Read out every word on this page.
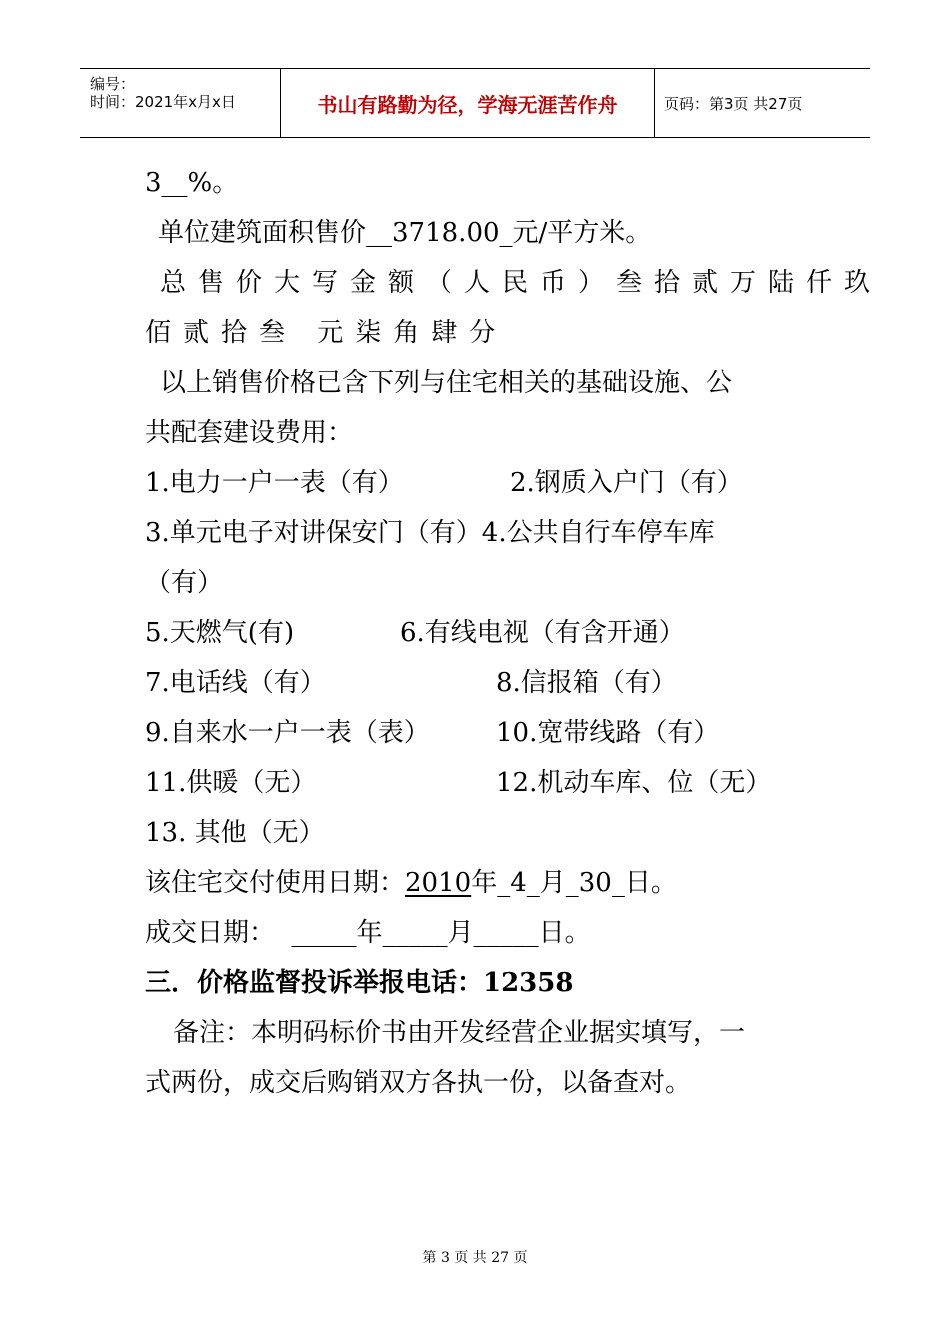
编号：
时间：2021年x月x日	书山有路勤为径，学海无涯苦作舟	页码：第3页 共27页
3__%。
单位建筑面积售价__3718.00_元/平方米。
总售价大写金额（人民币）叁拾贰万陆仟玖
佰贰拾叁 元柒角肆分
以上销售价格已含下列与住宅相关的基础设施、公
共配套建设费用：
1.电力一户一表（有）	2.钢质入户门（有）
3.单元电子对讲保安门（有）4.公共自行车停车库
（有）
5.天燃气(有)	6.有线电视（有含开通）
7.电话线（有）	8.信报箱（有）
9.自来水一户一表（表）	10.宽带线路（有）
11.供暖（无）	12.机动车库、位（无）
13. 其他（无）
该住宅交付使用日期：2010年_4_月_30_日。
成交日期： _____年_____月_____日。
三．价格监督投诉举报电话：12358
备注：本明码标价书由开发经营企业据实填写，一
式两份，成交后购销双方各执一份，以备查对。
第 3 页 共 27 页
